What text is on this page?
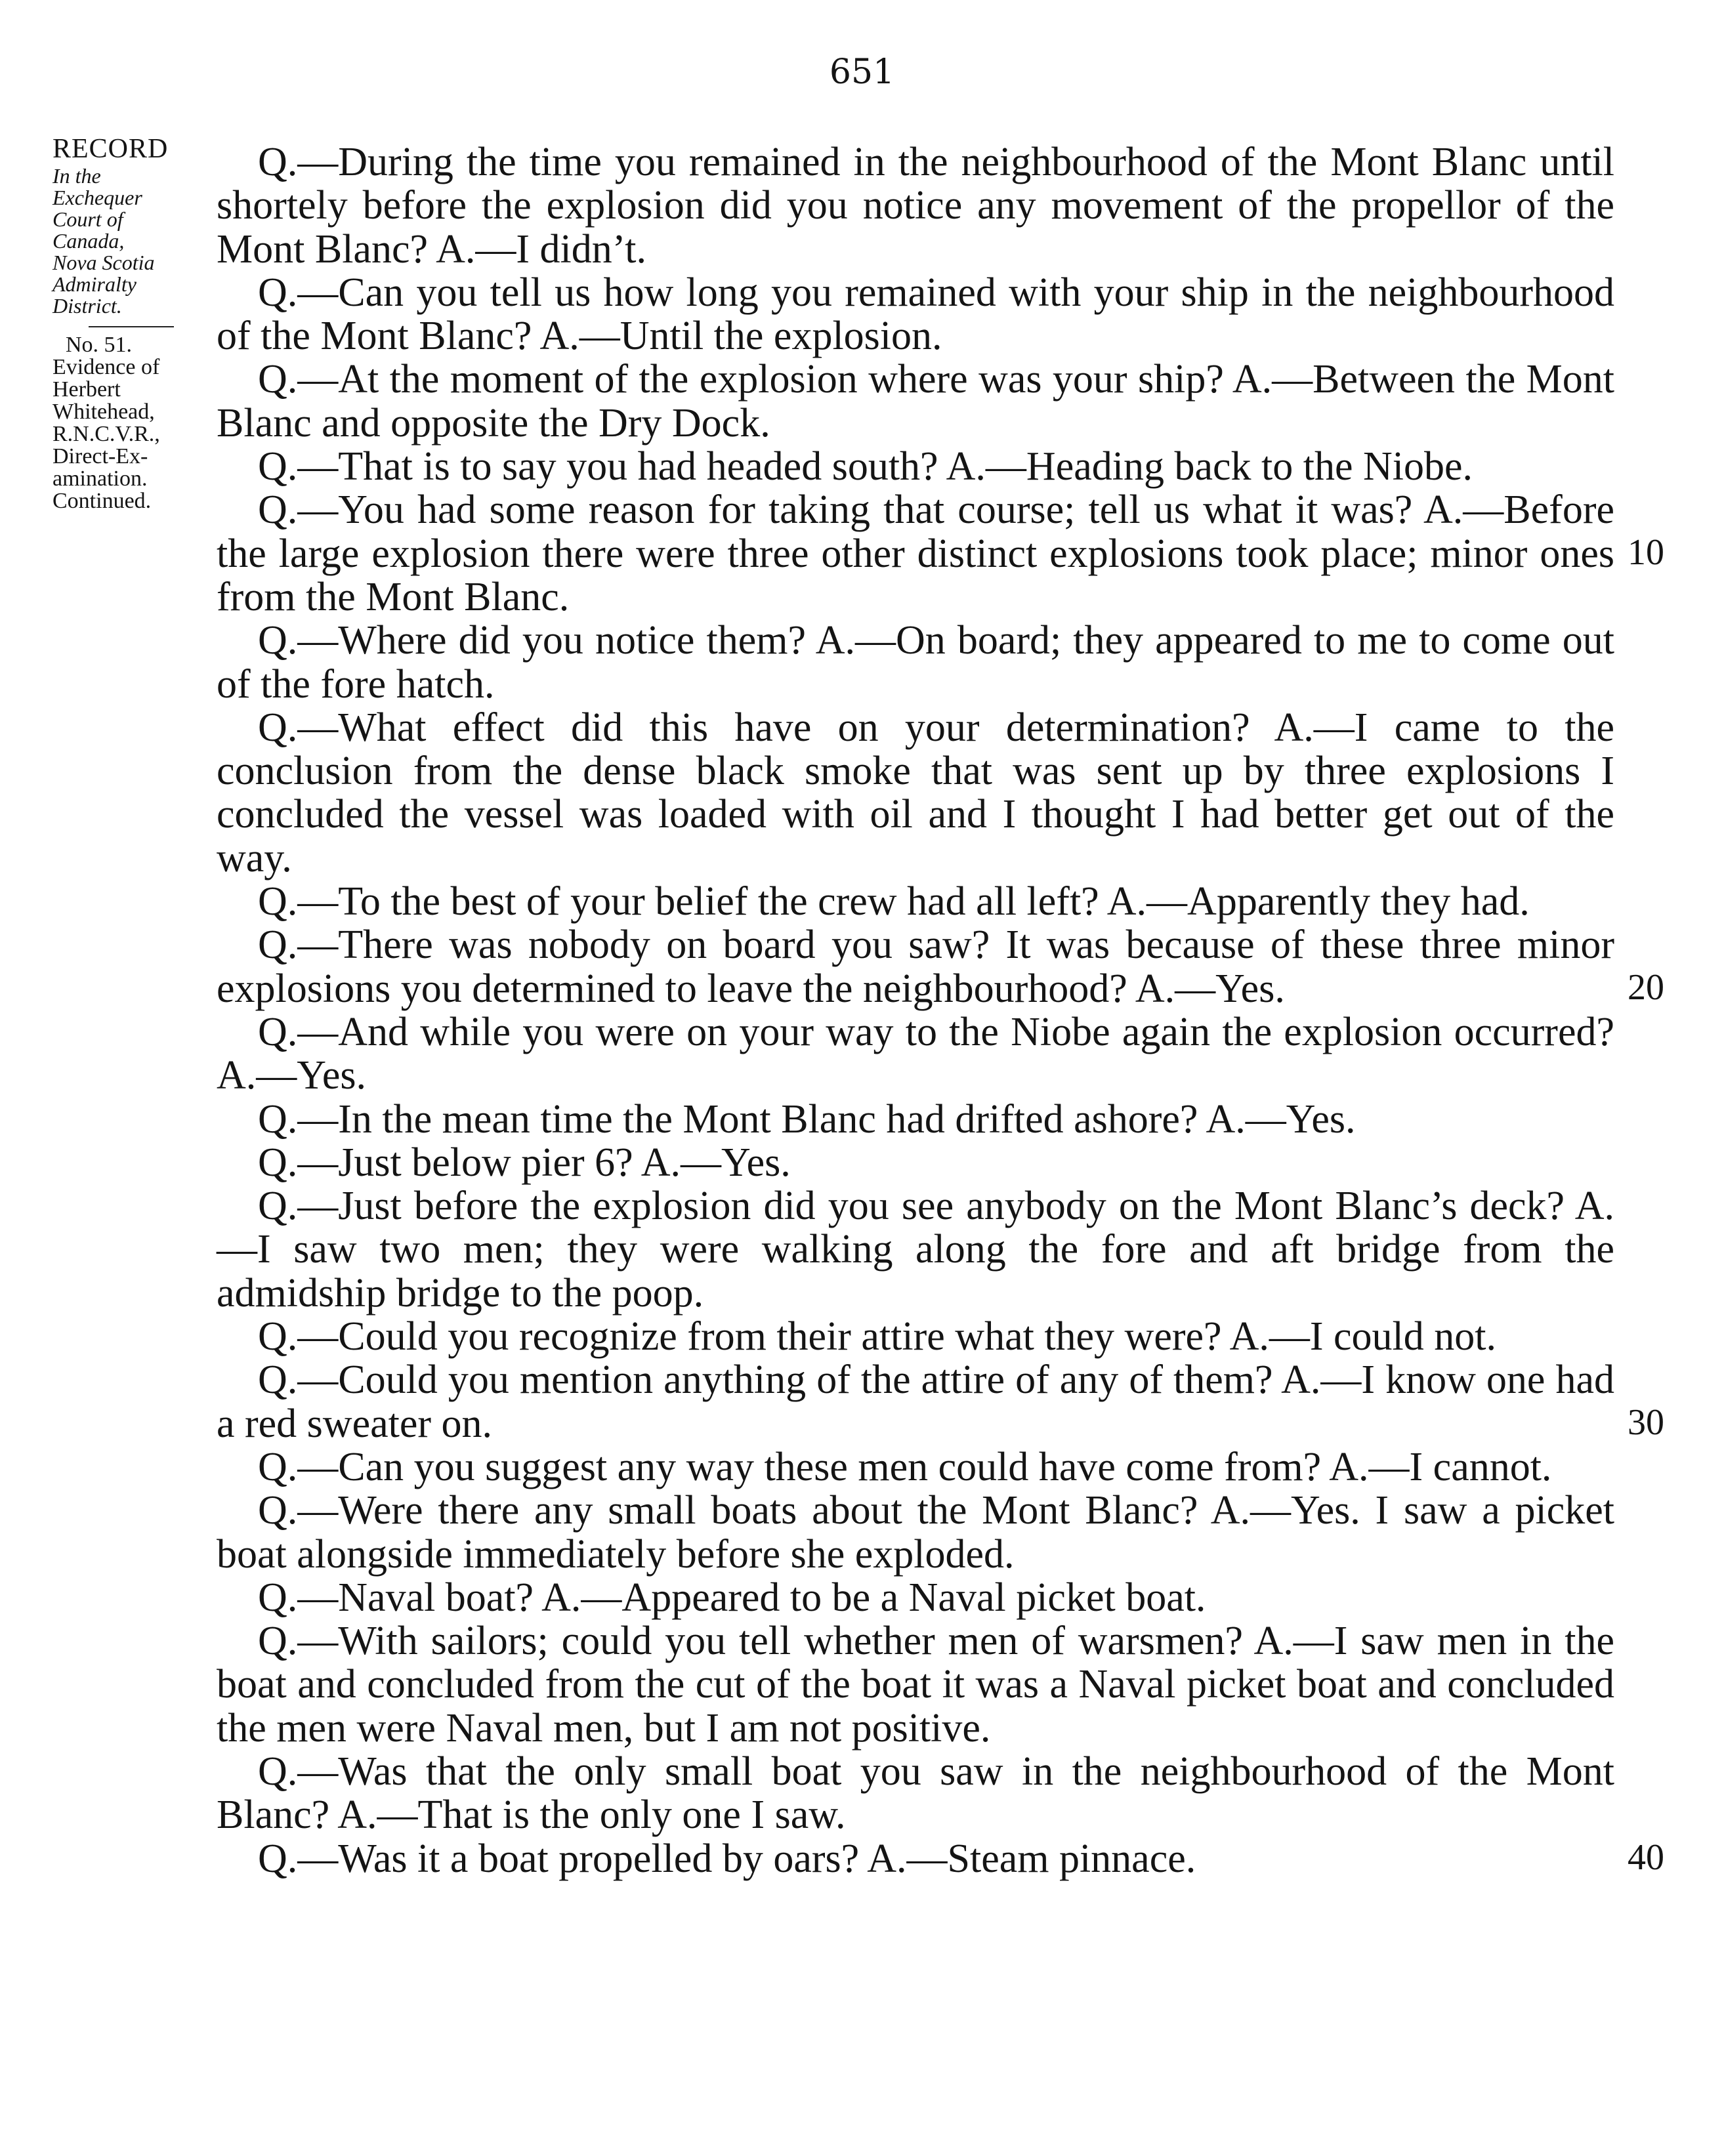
651
RECORD
In the
Exchequer
Court of
Canada,
Nova Scotia
Admiralty
District.
No. 51.
Evidence of
Herbert
Whitehead,
R.N.C.V.R.,
Direct-Ex-
amination.
Continued.

Q.—During the time you remained in the neighbourhood of the Mont Blanc until shortely before the explosion did you notice any movement of the propellor of the Mont Blanc? A.—I didn’t.

Q.—Can you tell us how long you remained with your ship in the neighbourhood of the Mont Blanc? A.—Until the explosion.

Q.—At the moment of the explosion where was your ship? A.—Between the Mont Blanc and opposite the Dry Dock.

Q.—That is to say you had headed south? A.—Heading back to the Niobe.

Q.—You had some reason for taking that course; tell us what it was? A.—Before the large explosion there were three other distinct explosions took place; minor ones from the Mont Blanc.

Q.—Where did you notice them? A.—On board; they appeared to me to come out of the fore hatch.

Q.—What effect did this have on your determination? A.—I came to the conclusion from the dense black smoke that was sent up by three explosions I concluded the vessel was loaded with oil and I thought I had better get out of the way.

Q.—To the best of your belief the crew had all left? A.—Apparently they had.

Q.—There was nobody on board you saw? It was because of these three minor explosions you determined to leave the neighbourhood? A.—Yes.

Q.—And while you were on your way to the Niobe again the explosion occurred? A.—Yes.

Q.—In the mean time the Mont Blanc had drifted ashore? A.—Yes.

Q.—Just below pier 6? A.—Yes.

Q.—Just before the explosion did you see anybody on the Mont Blanc’s deck? A.—I saw two men; they were walking along the fore and aft bridge from the admidship bridge to the poop.

Q.—Could you recognize from their attire what they were? A.—I could not.

Q.—Could you mention anything of the attire of any of them? A.—I know one had a red sweater on.

Q.—Can you suggest any way these men could have come from? A.—I cannot.

Q.—Were there any small boats about the Mont Blanc? A.—Yes. I saw a picket boat alongside immediately before she exploded.

Q.—Naval boat? A.—Appeared to be a Naval picket boat.

Q.—With sailors; could you tell whether men of warsmen? A.—I saw men in the boat and concluded from the cut of the boat it was a Naval picket boat and concluded the men were Naval men, but I am not positive.

Q.—Was that the only small boat you saw in the neighbourhood of the Mont Blanc? A.—That is the only one I saw.

Q.—Was it a boat propelled by oars? A.—Steam pinnace.

10
20
30
40
